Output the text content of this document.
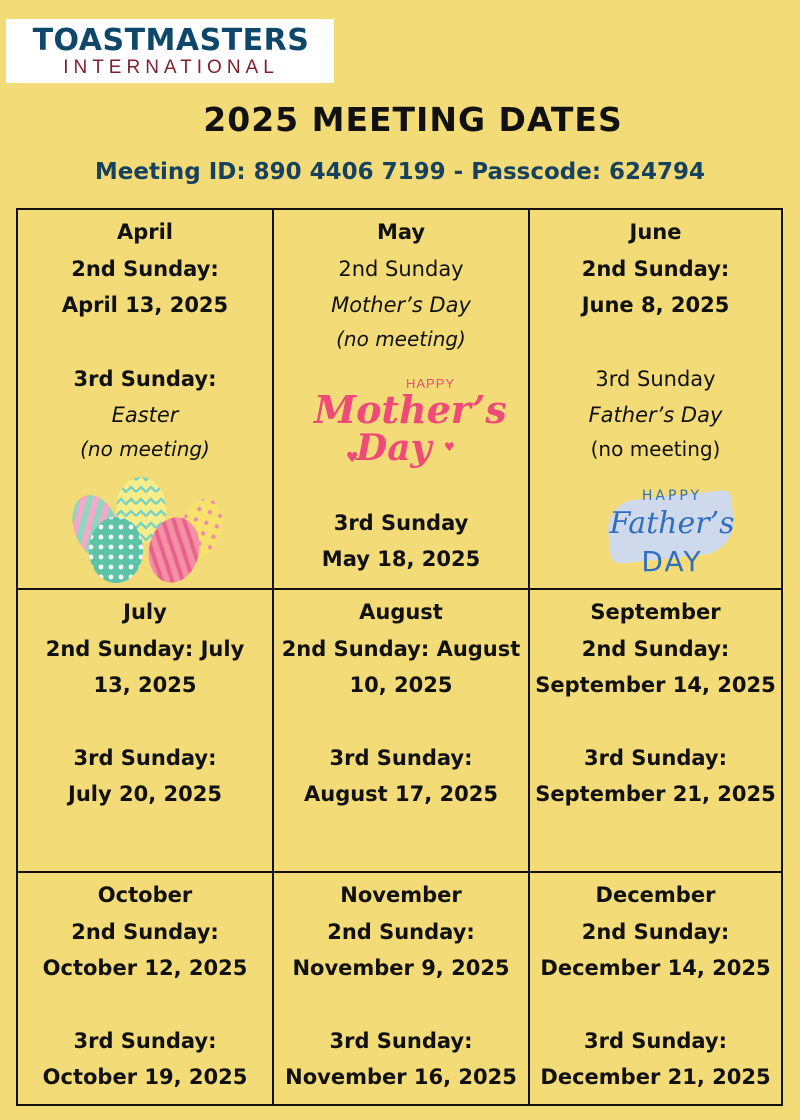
TOASTMASTERS
INTERNATIONAL
2025 MEETING DATES
Meeting ID: 890 4406 7199 - Passcode: 624794
April
2nd Sunday:
April 13, 2025
3rd Sunday:
Easter
(no meeting)
May
2nd Sunday
Mother’s Day
(no meeting)
HAPPY
Mother’s
Day
♥
♥
3rd Sunday
May 18, 2025
June
2nd Sunday:
June 8, 2025
3rd Sunday
Father’s Day
(no meeting)
HAPPY
Father’s
DAY
July
2nd Sunday: July
13, 2025
3rd Sunday:
July 20, 2025
August
2nd Sunday: August
10, 2025
3rd Sunday:
August 17, 2025
September
2nd Sunday:
September 14, 2025
3rd Sunday:
September 21, 2025
October
2nd Sunday:
October 12, 2025
3rd Sunday:
October 19, 2025
November
2nd Sunday:
November 9, 2025
3rd Sunday:
November 16, 2025
December
2nd Sunday:
December 14, 2025
3rd Sunday:
December 21, 2025
